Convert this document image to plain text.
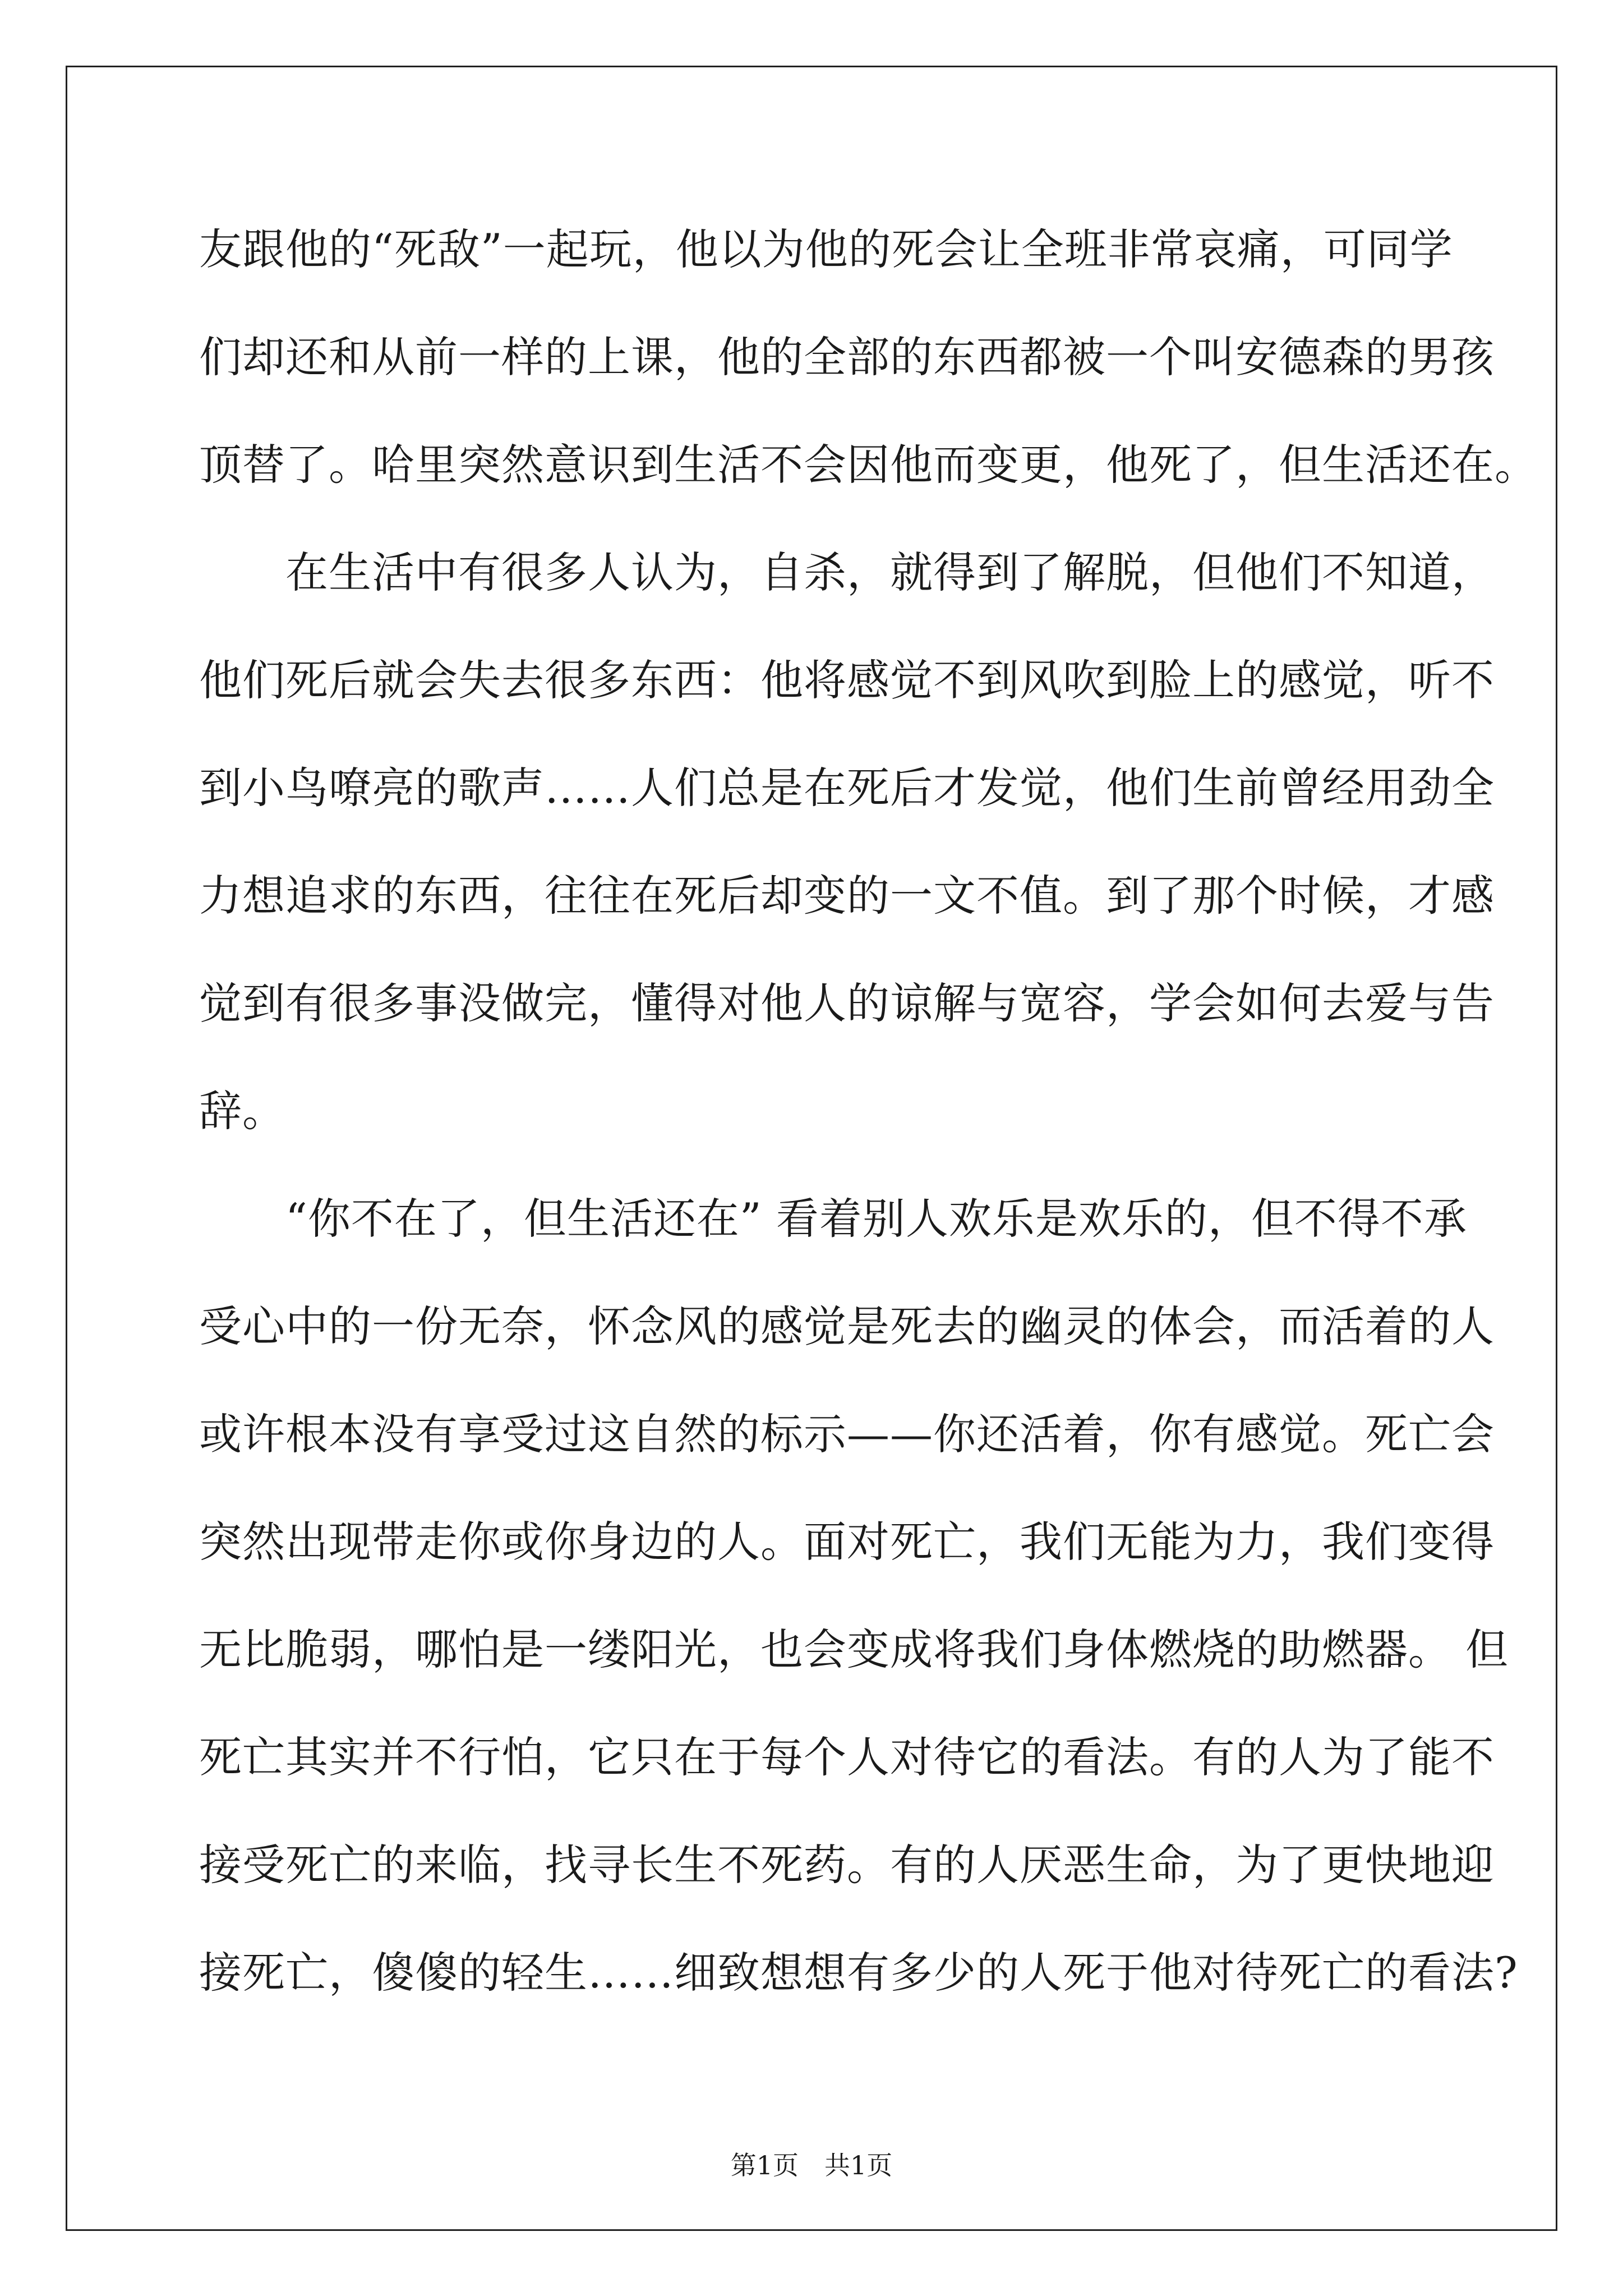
友跟他的“死敌”一起玩，他以为他的死会让全班非常哀痛，可同学
们却还和从前一样的上课，他的全部的东西都被一个叫安德森的男孩
顶替了。哈里突然意识到生活不会因他而变更，他死了，但生活还在。
　　在生活中有很多人认为，自杀，就得到了解脱，但他们不知道，
他们死后就会失去很多东西：他将感觉不到风吹到脸上的感觉，听不
到小鸟嘹亮的歌声……人们总是在死后才发觉，他们生前曾经用劲全
力想追求的东西，往往在死后却变的一文不值。到了那个时候，才感
觉到有很多事没做完，懂得对他人的谅解与宽容，学会如何去爱与告
辞。
　　“你不在了，但生活还在” 看着别人欢乐是欢乐的，但不得不承
受心中的一份无奈，怀念风的感觉是死去的幽灵的体会，而活着的人
或许根本没有享受过这自然的标示——你还活着，你有感觉。死亡会
突然出现带走你或你身边的人。面对死亡，我们无能为力，我们变得
无比脆弱，哪怕是一缕阳光，也会变成将我们身体燃烧的助燃器。 但
死亡其实并不行怕，它只在于每个人对待它的看法。有的人为了能不
接受死亡的来临，找寻长生不死药。有的人厌恶生命，为了更快地迎
接死亡，傻傻的轻生……细致想想有多少的人死于他对待死亡的看法?
第1页　共1页
